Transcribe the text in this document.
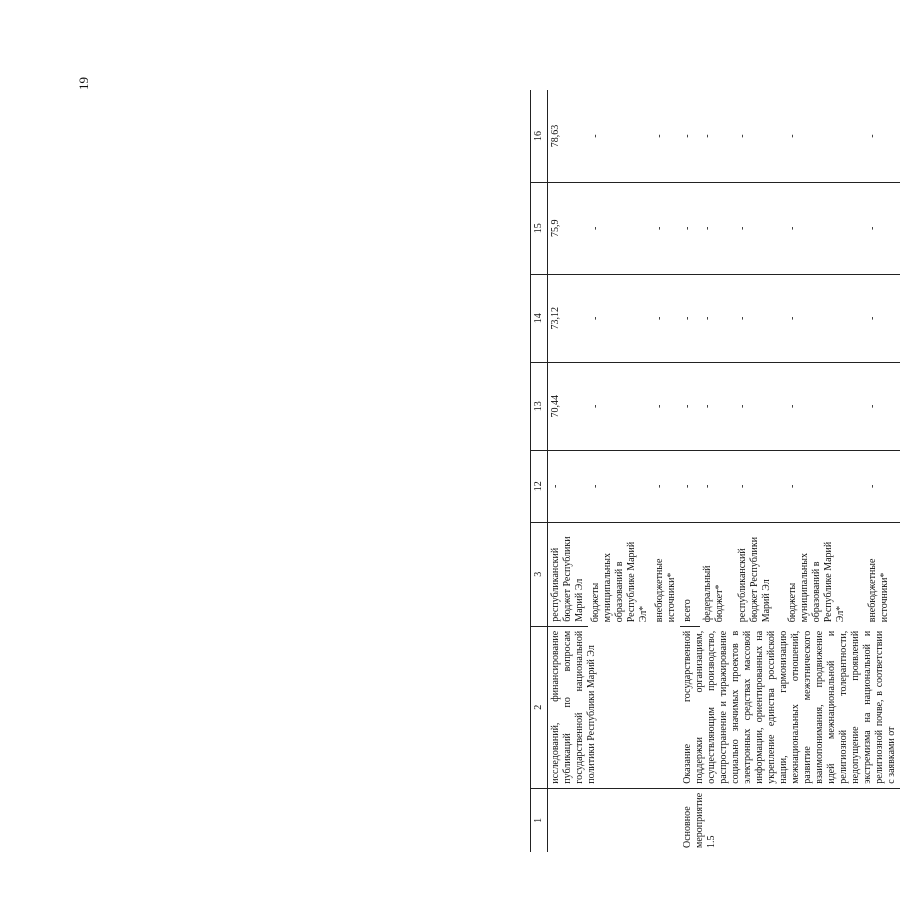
19
1	2	3	12	13	14	15	16
	исследований, финансирование публикаций по вопросам государственной национальной политики Республики Марий Эл	республиканский бюджет Республики Марий Эл	-	70,44	73,12	75,9	78,63
		бюджеты муниципальных образований в Республике Марий Эл*	-	-	-	-	-
		внебюджетные источники*	-	-	-	-	-
Основное мероприятие 1.5	Оказание государственной поддержки организациям, осуществляющим производство, распространение и тиражирование социально значимых проектов в электронных средствах массовой информации, ориентированных на укрепление единства российской нации, гармонизацию межнациональных отношений, развитие межэтнического взаимопонимания, продвижение идей межнациональной и религиозной толерантности, недопущение проявлений экстремизма на национальной и религиозной почве, в соответствии с заявками от	всего	-	-	-	-	-
		федеральный бюджет*	-	-	-	-	-
		республиканский бюджет Республики Марий Эл	-	-	-	-	-
		бюджеты муниципальных образований в Республике Марий Эл*	-	-	-	-	-
		внебюджетные источники*	-	-	-	-	-
